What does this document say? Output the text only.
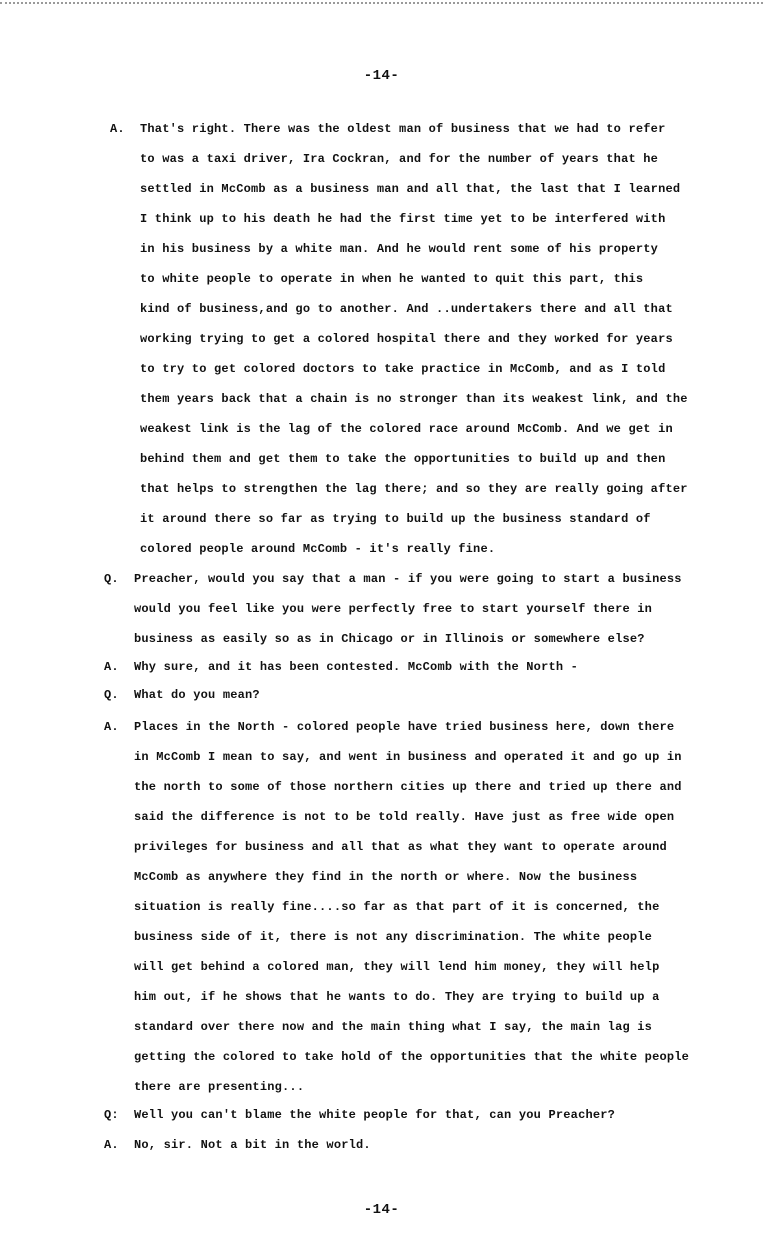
-14-
A.	That's right. There was the oldest man of business that we had to refer
to was a taxi driver, Ira Cockran, and for the number of years that he
settled in McComb as a business man and all that, the last that I learned
I think up to his death he had the first time yet to be interfered with
in his business by a white man. And he would rent some of his property
to white people to operate in when he wanted to quit this part, this
kind of business,and go to another. And ..undertakers there and all that
working trying to get a colored hospital there and they worked for years
to try to get colored doctors to take practice in McComb, and as I told
them years back that a chain is no stronger than its weakest link, and the
weakest link is the lag of the colored race around McComb. And we get in
behind them and get them to take the opportunities to build up and then
that helps to strengthen the lag there; and so they are really going after
it around there so far as trying to build up the business standard of
colored people around McComb - it's really fine.
Q.	Preacher, would you say that a man - if you were going to start a business
would you feel like you were perfectly free to start yourself there in
business as easily so as in Chicago or in Illinois or somewhere else?
A.	Why sure, and it has been contested. McComb with the North -
Q.	What do you mean?
A.	Places in the North - colored people have tried business here, down there
in McComb I mean to say, and went in business and operated it and go up in
the north to some of those northern cities up there and tried up there and
said the difference is not to be told really. Have just as free wide open
privileges for business and all that as what they want to operate around
McComb as anywhere they find in the north or where. Now the business
situation is really fine....so far as that part of it is concerned, the
business side of it, there is not any discrimination. The white people
will get behind a colored man, they will lend him money, they will help
him out, if he shows that he wants to do. They are trying to build up a
standard over there now and the main thing what I say, the main lag is
getting the colored to take hold of the opportunities that the white people
there are presenting...
Q:	Well you can't blame the white people for that, can you Preacher?
A.	No, sir. Not a bit in the world.
-14-
